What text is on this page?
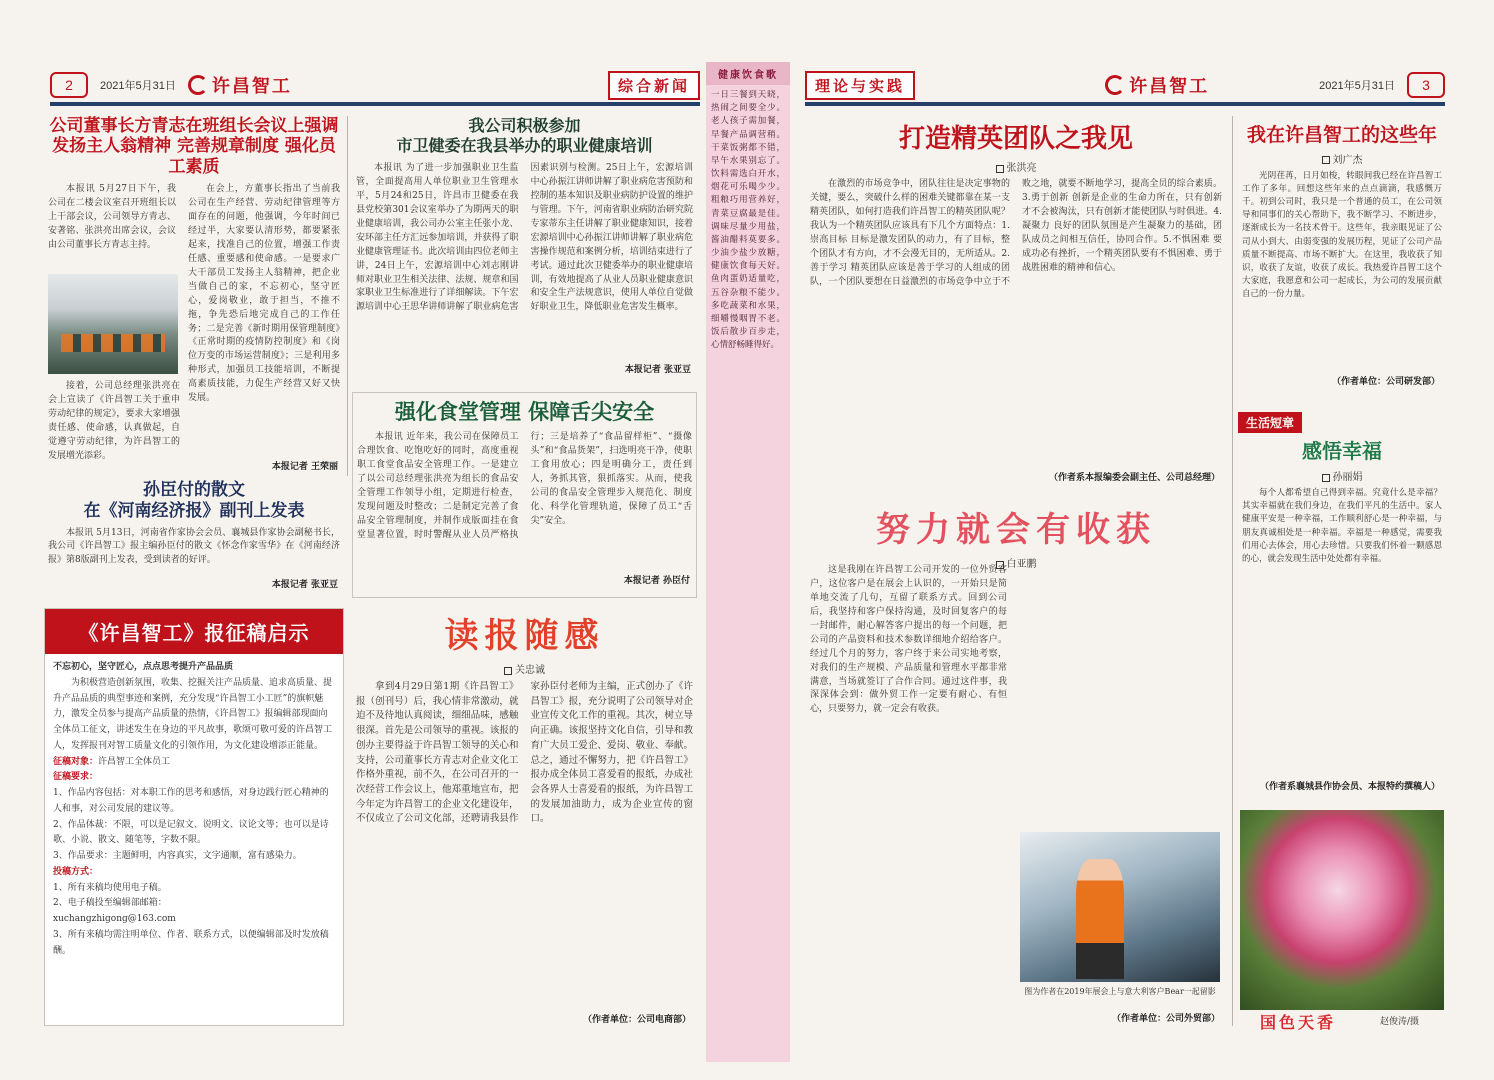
2	2021年5月31日 许昌智工	综合新闻	理论与实践	许昌智工	2021年5月31日	3
公司董事长方青志在班组长会议上强调
发扬主人翁精神 完善规章制度 强化员工素质
本报讯 5月27日下午，我公司在二楼会议室召开班组长以上干部会议，公司领导方青志、安著铭、张洪亮出席会议，会议由公司董事长方青志主持。
在会上，方董事长指出了当前我公司在生产经营、劳动纪律管理等方面存在的问题，他强调，今年时间已经过半，大家要认清形势，都要紧张起来，找准自己的位置，增强工作责任感、重要感和使命感。一是要求广大干部员工发扬主人翁精神，把企业当做自己的家，不忘初心，坚守匠心，爱岗敬业，敢于担当，不推不拖，争先恐后地完成自己的工作任务；二是完善《新时期用保管理制度》《正常时期的疫情防控制度》和《岗位万变的市场运营制度》；三是利用多种形式，加强员工技能培训，不断提高素质技能，力促生产经营又好又快发展。
接着，公司总经理张洪亮在会上宣读了《许昌智工关于重申劳动纪律的规定》，要求大家增强责任感、使命感，认真做起，自觉遵守劳动纪律，为许昌智工的发展增光添彩。
本报记者 王荣丽
我公司积极参加
市卫健委在我县举办的职业健康培训
本报讯 为了进一步加强职业卫生监管，全面提高用人单位职业卫生管理水平，5月24和25日，许昌市卫健委在我县党校第301会议室举办了为期两天的职业健康培训，我公司办公室主任张小龙、安环部主任方汇远参加培训，并获得了职业健康管理证书。此次培训由四位老师主讲，24日上午，宏源培训中心刘志刚讲师对职业卫生相关法律、法规、规章和国家职业卫生标准进行了详细解读。下午宏源培训中心王思华讲师讲解了职业病危害因素识别与检测。25日上午，宏源培训中心孙振江讲师讲解了职业病危害预防和控制的基本知识及职业病防护设置的维护与管理。下午，河南省职业病防治研究院专家蒂东主任讲解了职业健康知识，接着宏源培训中心孙振江讲师讲解了职业病危害操作规范和案例分析，培训结束进行了考试。通过此次卫健委举办的职业健康培训，有效地提高了从业人员职业健康意识和安全生产法规意识，使用人单位自觉做好职业卫生，降低职业危害发生概率。
本报记者 张亚豆
强化食堂管理 保障舌尖安全
本报讯 近年来，我公司在保障员工合理饮食、吃饱吃好的同时，高度重视职工食堂食品安全管理工作。一是建立了以公司总经理张洪亮为组长的食品安全管理工作领导小组，定期进行检查，发现问题及时整改；二是制定完善了食品安全管理制度，并制作成版面挂在食堂显著位置，时时警醒从业人员严格执行；三是培养了“食品留样柜”、“摄像头”和“食品货架”，扫选明亮干净，使职工食用放心；四是明确分工，责任到人，务抓其管，狠抓落实。从而，使我公司的食品安全管理步入规范化、制度化、科学化管理轨道，保障了员工“舌尖”安全。
本报记者 孙臣付
孙臣付的散文
在《河南经济报》副刊上发表
本报讯 5月13日，河南省作家协会会员、襄城县作家协会副秘书长，我公司《许昌智工》报主编孙臣付的散文《怀念作家雪华》在《河南经济报》第8版副刊上发表，受到读者的好评。
本报记者 张亚豆
《许昌智工》报征稿启示
不忘初心，坚守匠心，点点思考提升产品品质
为积极营造创新氛围，收集、挖掘关注产品质量、追求高质量、提升产品品质的典型事迹和案例，充分发现“许昌智工小工匠”的旗帜魅力，激发全员参与提高产品质量的热情，《许昌智工》报编辑部现面向全体员工征文，讲述发生在身边的平凡故事，歌颂可敬可爱的许昌智工人，发挥报刊对智工质量文化的引领作用，为文化建设增添正能量。
征稿对象：许昌智工全体员工
征稿要求：
1、作品内容包括：对本职工作的思考和感悟，对身边践行匠心精神的人和事，对公司发展的建议等。
2、作品体裁：不限，可以是记叙文、说明文、议论文等；也可以是诗歌、小说、散文、随笔等，字数不限。
3、作品要求：主题鲜明，内容真实，文字通顺，富有感染力。
投稿方式：
1、所有来稿均使用电子稿。
2、电子稿投至编辑部邮箱：
xuchangzhigong@163.com
3、所有来稿均需注明单位、作者、联系方式，以便编辑部及时发放稿酬。
读报随感
关忠诚
拿到4月29日第1期《许昌智工》报（创刊号）后，我心情非常激动，就迫不及待地认真阅读，细细品味，感触很深。首先是公司领导的重视。该报的创办主要得益于许昌智工领导的关心和支持，公司董事长方青志对企业文化工作格外重视，前不久，在公司召开的一次经营工作会议上，他郑重地宣布，把今年定为许昌智工的企业文化建设年，不仅成立了公司文化部，还聘请我县作家孙臣付老师为主编，正式创办了《许昌智工》报，充分说明了公司领导对企业宣传文化工作的重视。其次，树立导向正确。该报坚持文化自信，引导和教育广大员工爱企、爱岗、敬业、奉献。总之，通过不懈努力，把《许昌智工》报办成全体员工喜爱看的报纸，办成社会各界人士喜爱看的报纸，为许昌智工的发展加油助力，成为企业宣传的窗口。
（作者单位：公司电商部）
健康饮食歌
一日三餐到天晓，热闹之间要全少。老人孩子需加餐，早餐产品调营稍。干菜饭粥都不错，早午水果别忘了。饮料需选白开水，烟花可乐喝少少。粗粮巧用营养好，青菜豆腐最是佳。调味尽量少用盐，酱油醋料莫要多。少油少盐少放糖，健康饮食每天好。鱼肉蛋奶适量吃，五谷杂粮不能少。多吃蔬菜和水果，细嚼慢咽胃不老。饭后散步百步走，心情舒畅睡得好。
打造精英团队之我见
张洪亮
在激烈的市场竞争中，团队往往是决定事物的关键，要么，突破什么样的困难关键都靠在某一支精英团队，如何打造我们许昌智工的精英团队呢？我认为一个精英团队应该具有下几个方面特点：1.崇高目标 目标是激发团队的动力，有了目标，整个团队才有方向，才不会漫无目的，无所适从。2.善于学习 精英团队应该是善于学习的人组成的团队，一个团队要想在日益激烈的市场竞争中立于不败之地，就要不断地学习，提高全员的综合素质。3.勇于创新 创新是企业的生命力所在，只有创新才不会被淘汰，只有创新才能使团队与时俱进。4.凝聚力 良好的团队氛围是产生凝聚力的基础，团队成员之间相互信任，协同合作。5.不惧困难 要成功必有挫折，一个精英团队要有不惧困难、勇于战胜困难的精神和信心。
（作者系本报编委会副主任、公司总经理）
我在许昌智工的这些年
刘广杰
光阴荏苒，日月如梭，转眼间我已经在许昌智工工作了多年。回想这些年来的点点滴滴，我感慨万千。初到公司时，我只是一个普通的员工，在公司领导和同事们的关心帮助下，我不断学习、不断进步，逐渐成长为一名技术骨干。这些年，我亲眼见证了公司从小到大、由弱变强的发展历程，见证了公司产品质量不断提高、市场不断扩大。在这里，我收获了知识，收获了友谊，收获了成长。我热爱许昌智工这个大家庭，我愿意和公司一起成长，为公司的发展贡献自己的一份力量。
（作者单位：公司研发部）
努力就会有收获
白亚鹏
这是我刚在许昌智工公司开发的一位外贸客户，这位客户是在展会上认识的，一开始只是简单地交流了几句，互留了联系方式。回到公司后，我坚持和客户保持沟通，及时回复客户的每一封邮件，耐心解答客户提出的每一个问题，把公司的产品资料和技术参数详细地介绍给客户。经过几个月的努力，客户终于来公司实地考察，对我们的生产规模、产品质量和管理水平都非常满意，当场就签订了合作合同。通过这件事，我深深体会到：做外贸工作一定要有耐心、有恒心，只要努力，就一定会有收获。
图为作者在2019年展会上与意大利客户Bear一起留影
（作者单位：公司外贸部）
生活短章
感悟幸福
孙丽娟
每个人都希望自己得到幸福。究竟什么是幸福？其实幸福就在我们身边，在我们平凡的生活中。家人健康平安是一种幸福，工作顺利舒心是一种幸福，与朋友真诚相处是一种幸福。幸福是一种感觉，需要我们用心去体会，用心去珍惜。只要我们怀着一颗感恩的心，就会发现生活中处处都有幸福。
（作者系襄城县作协会员、本报特约撰稿人）
国色天香	赵俊涛/摄
